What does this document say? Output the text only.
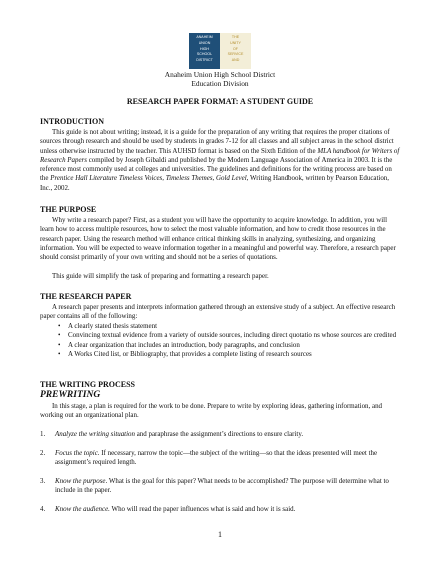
ANAHEIM
UNION
HIGH
SCHOOL
DISTRICT
THE
UNITY
OF
SERVICE
AND
Anaheim Union High School District
Education Division
RESEARCH PAPER FORMAT: A STUDENT GUIDE
INTRODUCTION
This guide is not about writing; instead, it is a guide for the preparation of any writing that requires the proper citations of sources through research and should be used by students in grades 7-12 for all classes and all subject areas in the school district unless otherwise instructed by the teacher. This AUHSD format is based on the Sixth Edition of the MLA handbook for Writers of Research Papers compiled by Joseph Gibaldi and published by the Modern Language Association of America in 2003. It is the reference most commonly used at colleges and universities. The guidelines and definitions for the writing process are based on the Prentice Hall Literature Timeless Voices, Timeless Themes, Gold Level, Writing Handbook, written by Pearson Education, Inc., 2002.
THE PURPOSE
Why write a research paper? First, as a student you will have the opportunity to acquire knowledge. In addition, you will learn how to access multiple resources, how to select the most valuable information, and how to credit those resources in the research paper. Using the research method will enhance critical thinking skills in analyzing, synthesizing, and organizing information. You will be expected to weave information together in a meaningful and powerful way. Therefore, a research paper should consist primarily of your own writing and should not be a series of quotations.
This guide will simplify the task of preparing and formatting a research paper.
THE RESEARCH PAPER
A research paper presents and interprets information gathered through an extensive study of a subject. An effective research paper contains all of the following:
• A clearly stated thesis statement
• Convincing textual evidence from a variety of outside sources, including direct quotatio ns whose sources are credited
• A clear organization that includes an introduction, body paragraphs, and conclusion
• A Works Cited list, or Bibliography, that provides a complete listing of research sources
THE WRITING PROCESS
PREWRITING
In this stage, a plan is required for the work to be done. Prepare to write by exploring ideas, gathering information, and working out an organizational plan.
1. Analyze the writing situation and paraphrase the assignment’s directions to ensure clarity.
2. Focus the topic. If necessary, narrow the topic—the subject of the writing—so that the ideas presented will meet the assignment’s required length.
3. Know the purpose. What is the goal for this paper? What needs to be accomplished? The purpose will determine what to include in the paper.
4. Know the audience. Who will read the paper influences what is said and how it is said.
1
